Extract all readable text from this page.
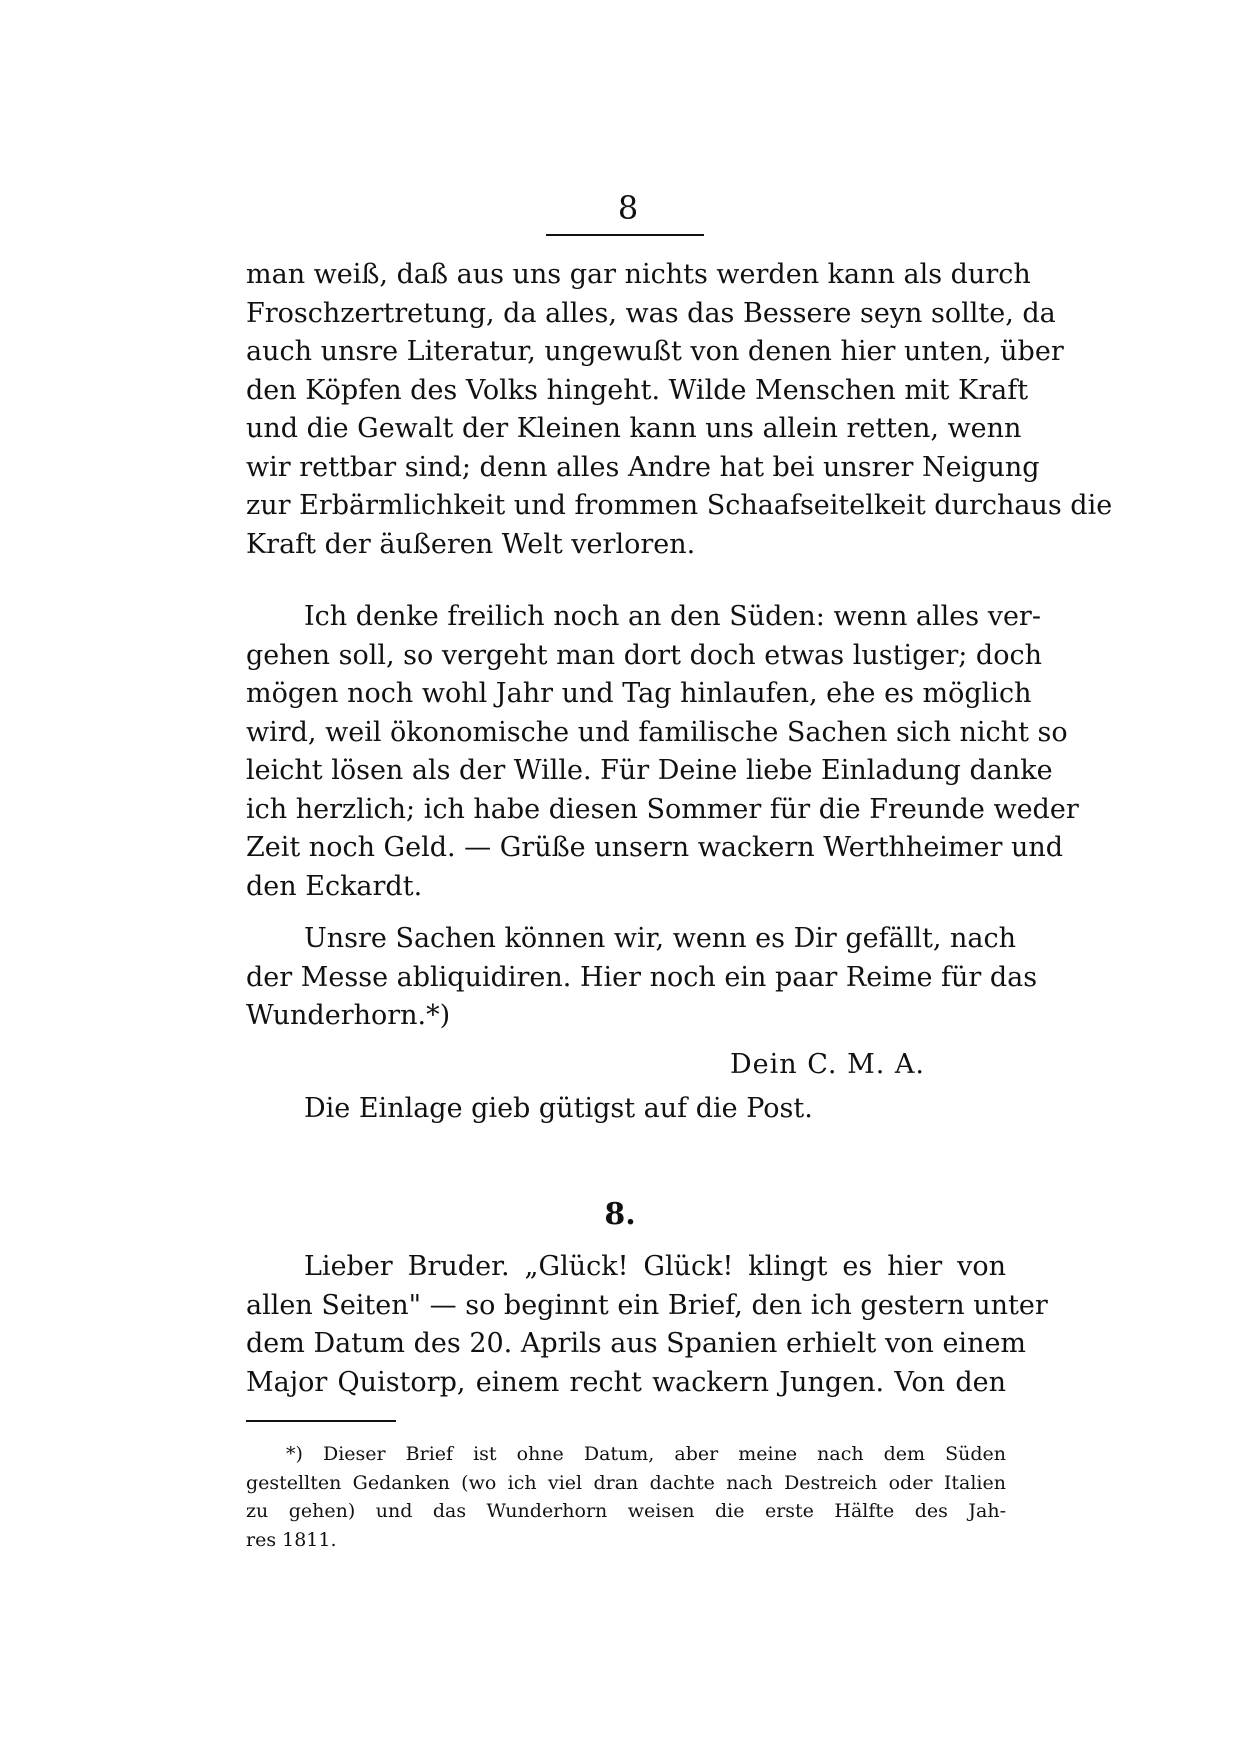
8
man weiß, daß aus uns gar nichts werden kann als durch
Froschzertretung, da alles, was das Bessere seyn sollte, da
auch unsre Literatur, ungewußt von denen hier unten, über
den Köpfen des Volks hingeht. Wilde Menschen mit Kraft
und die Gewalt der Kleinen kann uns allein retten, wenn
wir rettbar sind; denn alles Andre hat bei unsrer Neigung
zur Erbärmlichkeit und frommen Schaafseitelkeit durchaus die
Kraft der äußeren Welt verloren.
Ich denke freilich noch an den Süden: wenn alles ver-
gehen soll, so vergeht man dort doch etwas lustiger; doch
mögen noch wohl Jahr und Tag hinlaufen, ehe es möglich
wird, weil ökonomische und familische Sachen sich nicht so
leicht lösen als der Wille. Für Deine liebe Einladung danke
ich herzlich; ich habe diesen Sommer für die Freunde weder
Zeit noch Geld. — Grüße unsern wackern Werthheimer und
den Eckardt.
Unsre Sachen können wir, wenn es Dir gefällt, nach
der Messe abliquidiren. Hier noch ein paar Reime für das
Wunderhorn.*)
Dein C. M. A.
Die Einlage gieb gütigst auf die Post.
8.
Lieber Bruder. „Glück! Glück! klingt es hier von
allen Seiten" — so beginnt ein Brief, den ich gestern unter
dem Datum des 20. Aprils aus Spanien erhielt von einem
Major Quistorp, einem recht wackern Jungen. Von den
*) Dieser Brief ist ohne Datum, aber meine nach dem Süden
gestellten Gedanken (wo ich viel dran dachte nach Destreich oder Italien
zu gehen) und das Wunderhorn weisen die erste Hälfte des Jah-
res 1811.
